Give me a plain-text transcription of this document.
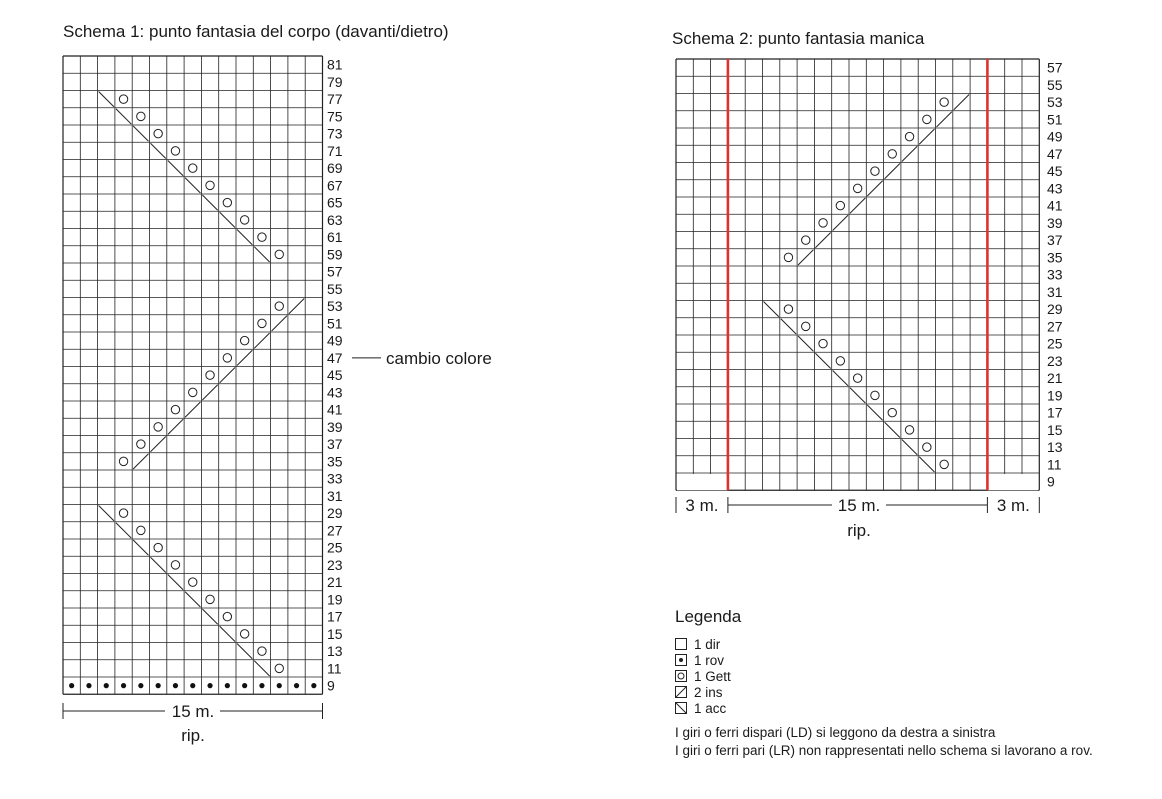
Schema 1: punto fantasia del corpo (davanti/dietro)	Schema 2: punto fantasia manica
81
79
77
75
73
71
69
67
65
63
61
59
57
55
53
51
49
47
45
43
41
39
37
35
33
31
29
27
25
23
21
19
17
15
13
11
9
cambio colore
15 m.
rip.
57
55
53
51
49
47
45
43
41
39
37
35
33
31
29
27
25
23
21
19
17
15
13
11
9
3 m.	3 m.
15 m.
rip.
Legenda
1 dir
1 rov
1 Gett
2 ins
1 acc
I giri o ferri dispari (LD) si leggono da destra a sinistra
I giri o ferri pari (LR) non rappresentati nello schema si lavorano a rov.
